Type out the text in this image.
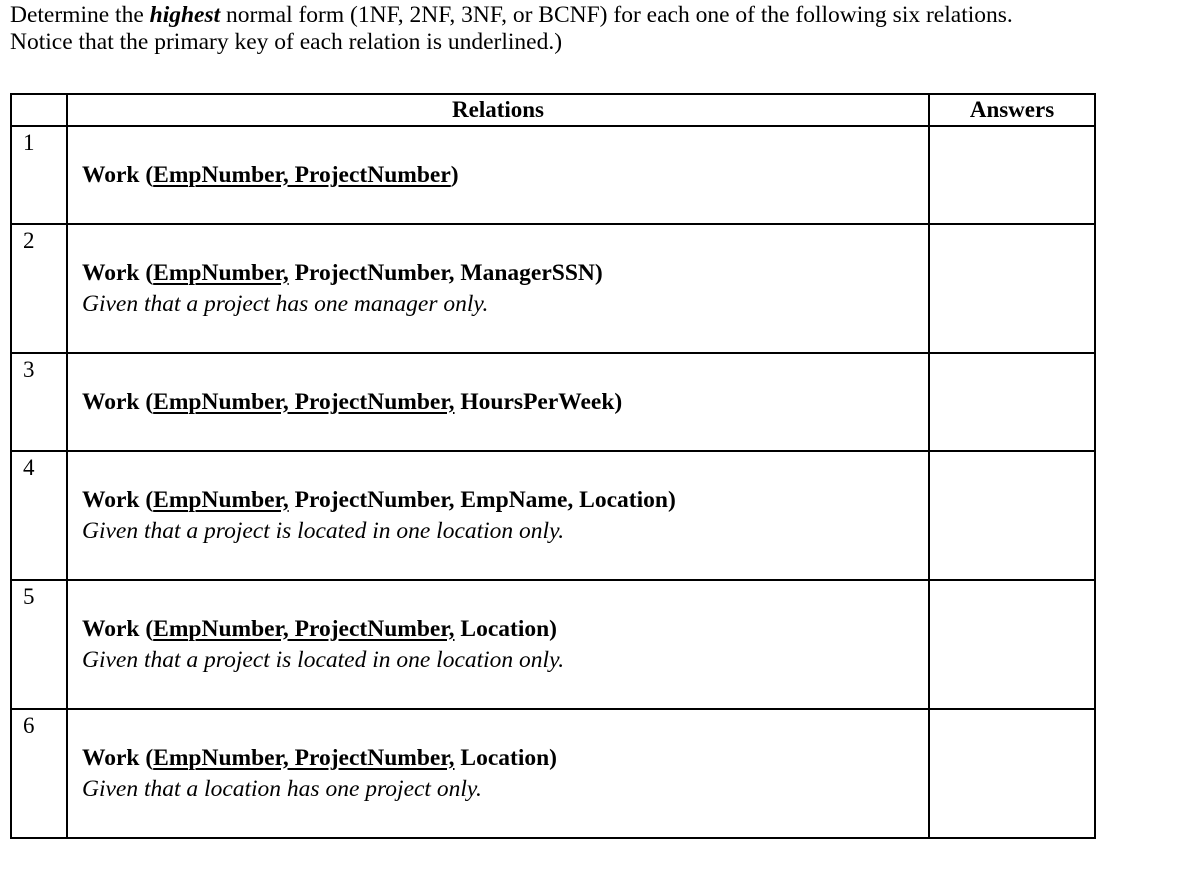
Determine the highest normal form (1NF, 2NF, 3NF, or BCNF) for each one of the following six relations.
Notice that the primary key of each relation is underlined.)
	Relations	Answers
1	Work (EmpNumber, ProjectNumber)	

2	Work (EmpNumber, ProjectNumber, ManagerSSN)
Given that a project has one manager only.	

3	Work (EmpNumber, ProjectNumber, HoursPerWeek)	

4	Work (EmpNumber, ProjectNumber, EmpName, Location)
Given that a project is located in one location only.	

5	Work (EmpNumber, ProjectNumber, Location)
Given that a project is located in one location only.	

6	Work (EmpNumber, ProjectNumber, Location)
Given that a location has one project only.	
